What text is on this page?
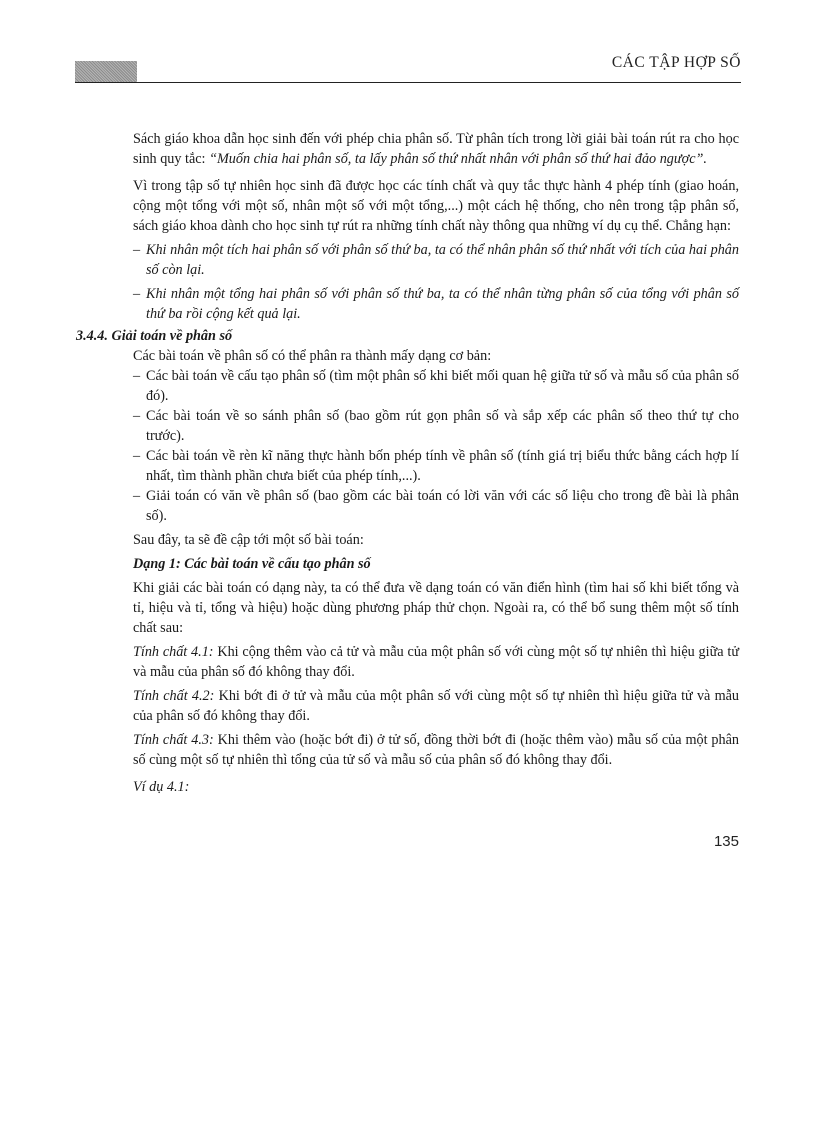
CÁC TẬP HỢP SỐ

Sách giáo khoa dẫn học sinh đến với phép chia phân số. Từ phân tích trong lời giải bài toán rút ra cho học sinh quy tắc: “Muốn chia hai phân số, ta lấy phân số thứ nhất nhân với phân số thứ hai đảo ngược”.

Vì trong tập số tự nhiên học sinh đã được học các tính chất và quy tắc thực hành 4 phép tính (giao hoán, cộng một tổng với một số, nhân một số với một tổng,...) một cách hệ thống, cho nên trong tập phân số, sách giáo khoa dành cho học sinh tự rút ra những tính chất này thông qua những ví dụ cụ thể. Chẳng hạn:

– Khi nhân một tích hai phân số với phân số thứ ba, ta có thể nhân phân số thứ nhất với tích của hai phân số còn lại.

– Khi nhân một tổng hai phân số với phân số thứ ba, ta có thể nhân từng phân số của tổng với phân số thứ ba rồi cộng kết quả lại.

3.4.4. Giải toán về phân số

Các bài toán về phân số có thể phân ra thành mấy dạng cơ bản:

– Các bài toán về cấu tạo phân số (tìm một phân số khi biết mối quan hệ giữa tử số và mẫu số của phân số đó).

– Các bài toán về so sánh phân số (bao gồm rút gọn phân số và sắp xếp các phân số theo thứ tự cho trước).

– Các bài toán về rèn kĩ năng thực hành bốn phép tính về phân số (tính giá trị biểu thức bằng cách hợp lí nhất, tìm thành phần chưa biết của phép tính,...).

– Giải toán có văn về phân số (bao gồm các bài toán có lời văn với các số liệu cho trong đề bài là phân số).

Sau đây, ta sẽ đề cập tới một số bài toán:

Dạng 1: Các bài toán về cấu tạo phân số

Khi giải các bài toán có dạng này, ta có thể đưa về dạng toán có văn điển hình (tìm hai số khi biết tổng và tỉ, hiệu và tỉ, tổng và hiệu) hoặc dùng phương pháp thử chọn. Ngoài ra, có thể bổ sung thêm một số tính chất sau:

Tính chất 4.1: Khi cộng thêm vào cả tử và mẫu của một phân số với cùng một số tự nhiên thì hiệu giữa tử và mẫu của phân số đó không thay đổi.

Tính chất 4.2: Khi bớt đi ở tử và mẫu của một phân số với cùng một số tự nhiên thì hiệu giữa tử và mẫu của phân số đó không thay đổi.

Tính chất 4.3: Khi thêm vào (hoặc bớt đi) ở tử số, đồng thời bớt đi (hoặc thêm vào) mẫu số của một phân số cùng một số tự nhiên thì tổng của tử số và mẫu số của phân số đó không thay đổi.

Ví dụ 4.1:

135
